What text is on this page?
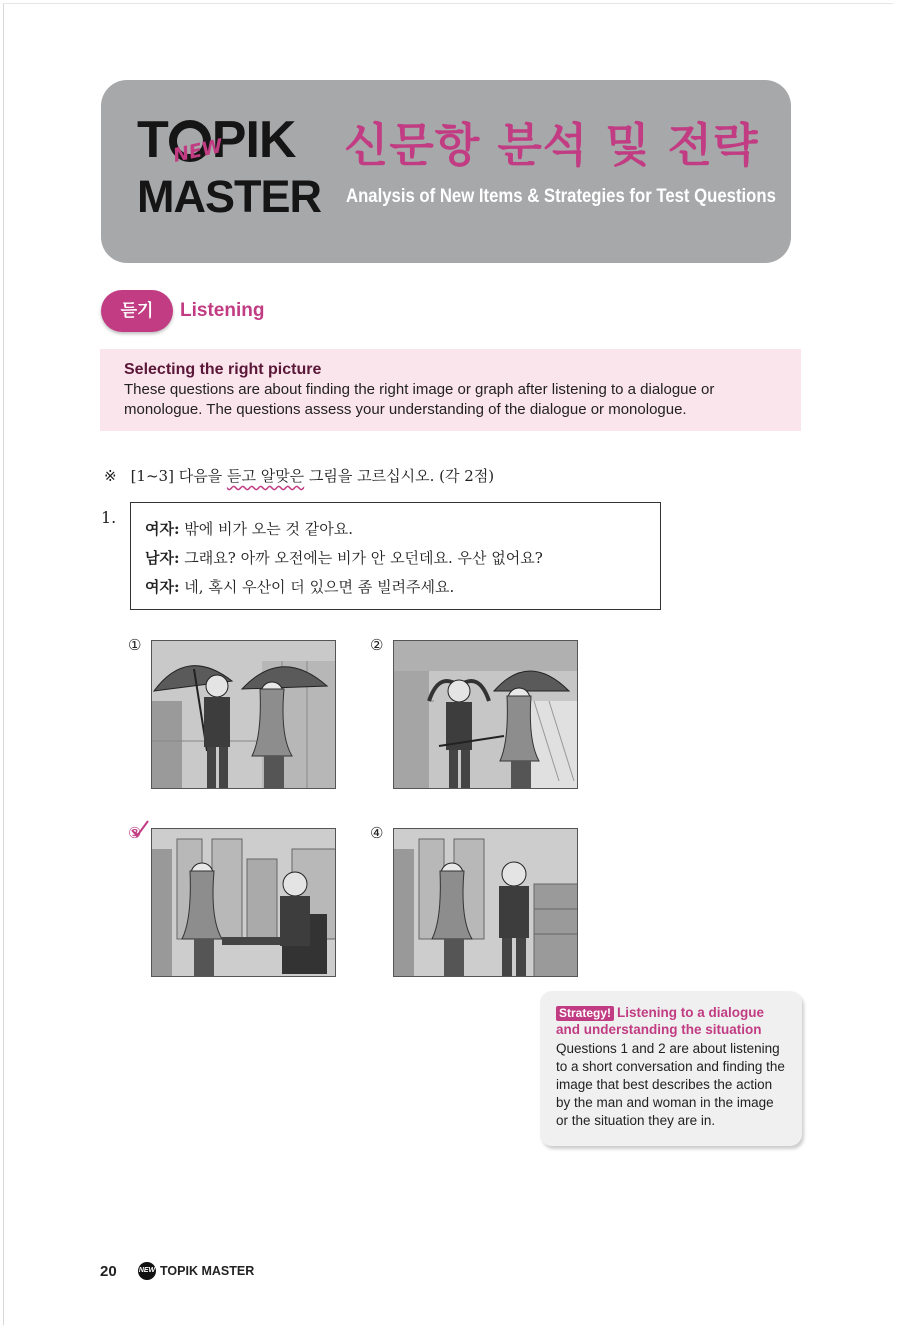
T PIK
NEW
MASTER
신문항 분석 및 전략
Analysis of New Items & Strategies for Test Questions
듣기	Listening
Selecting the right picture
These questions are about finding the right image or graph after listening to a dialogue or monologue. The questions assess your understanding of the dialogue or monologue.
※ [1~3] 다음을 듣고 알맞은 그림을 고르십시오. (각 2점)
1.
여자: 밖에 비가 오는 것 같아요.
남자: 그래요? 아까 오전에는 비가 안 오던데요. 우산 없어요?
여자: 네, 혹시 우산이 더 있으면 좀 빌려주세요.
①	②
③	④
Strategy! Listening to a dialogue and understanding the situation
Questions 1 and 2 are about listening to a short conversation and finding the image that best describes the action by the man and woman in the image or the situation they are in.
20	NEW TOPIK MASTER
